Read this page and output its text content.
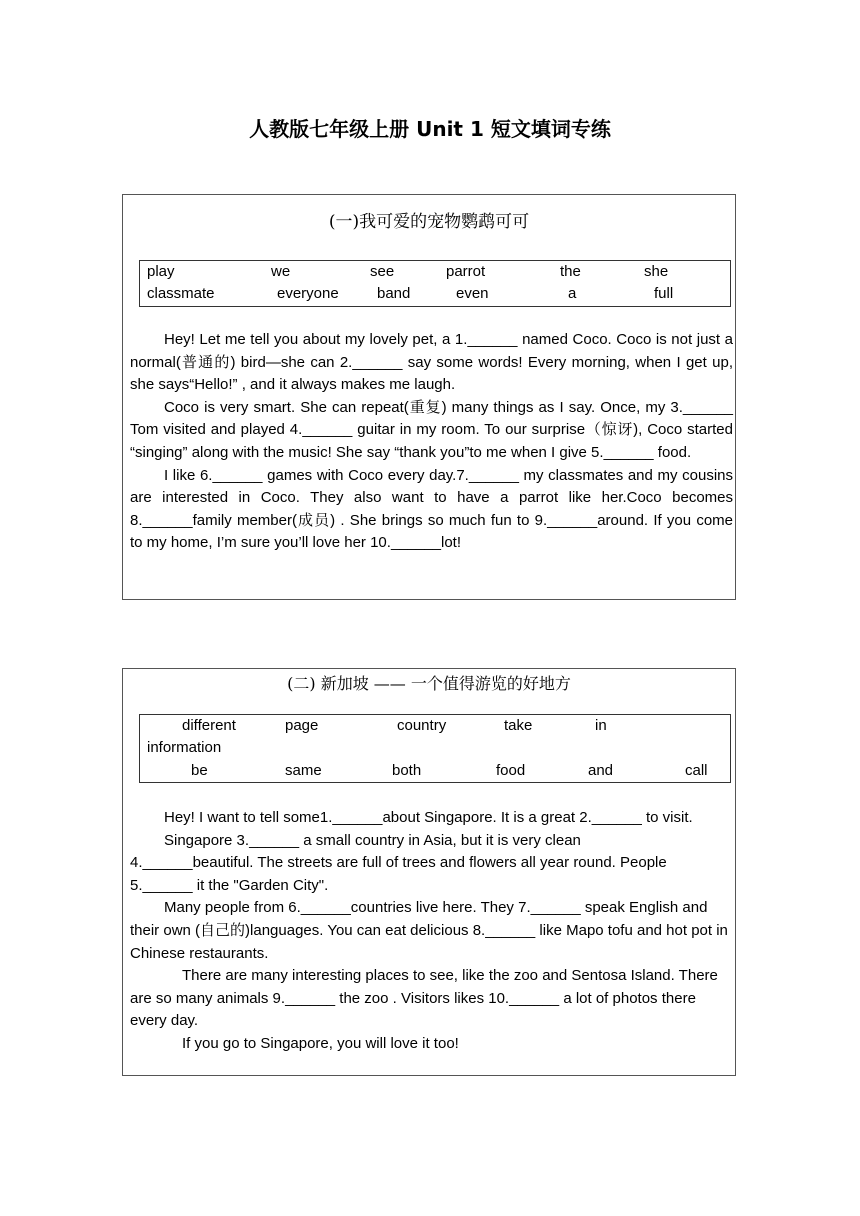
人教版七年级上册 Unit 1 短文填词专练
(一)我可爱的宠物鹦鹉可可
play	we	see	parrot	the	she
classmate	everyone	band	even	a	full

Hey! Let me tell you about my lovely pet, a 1.______ named Coco. Coco is not just a normal(普通的) bird—she can 2.______ say some words! Every morning, when I get up, she says“Hello!” , and it always makes me laugh.

Coco is very smart. She can repeat(重复) many things as I say. Once, my 3.______ Tom visited and played 4.______ guitar in my room. To our surprise（惊讶), Coco started “singing” along with the music! She say “thank you”to me when I give 5.______ food.

I like 6.______ games with Coco every day.7.______ my classmates and my cousins are interested in Coco. They also want to have a parrot like her.Coco becomes 8.______family member(成员) . She brings so much fun to 9.______around. If you come to my home, I’m sure you’ll love her 10.______lot!

(二) 新加坡 —— 一个值得游览的好地方
different	page	country	take	in
information
be	same	both	food	and	call

Hey! I want to tell some1.______about Singapore. It is a great 2.______ to visit.

Singapore 3.______ a small country in Asia, but it is very clean

4.______beautiful. The streets are full of trees and flowers all year round. People 5.______ it the "Garden City".

Many people from 6.______countries live here. They 7.______ speak English and their own (自己的)languages. You can eat delicious 8.______ like Mapo tofu and hot pot in Chinese restaurants.

There are many interesting places to see, like the zoo and Sentosa Island. There are so many animals 9.______ the zoo . Visitors likes 10.______ a lot of photos there every day.

If you go to Singapore, you will love it too!
